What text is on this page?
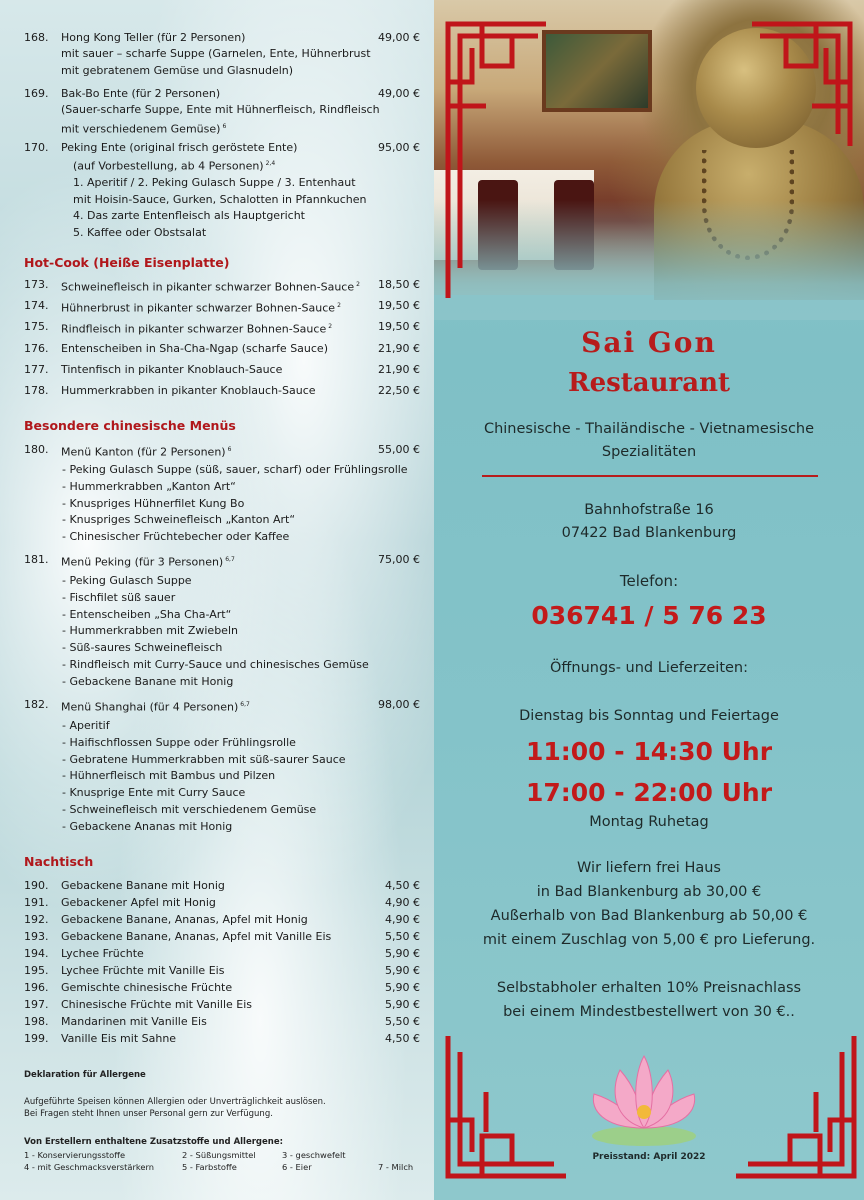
168.	Hong Kong Teller (für 2 Personen)	49,00 €
mit sauer – scharfe Suppe (Garnelen, Ente, Hühnerbrust
mit gebratenem Gemüse und Glasnudeln)
169.	Bak-Bo Ente (für 2 Personen)	49,00 €
(Sauer-scharfe Suppe, Ente mit Hühnerfleisch, Rindfleisch
mit verschiedenem Gemüse) $^6$
170.	Peking Ente (original frisch geröstete Ente)	95,00 €
(auf Vorbestellung, ab 4 Personen) $^{2,4}$
1. Aperitif / 2. Peking Gulasch Suppe / 3. Entenhaut
mit Hoisin-Sauce, Gurken, Schalotten in Pfannkuchen
4. Das zarte Entenfleisch als Hauptgericht
5. Kaffee oder Obstsalat
Hot-Cook (Heiße Eisenplatte)
173.	Schweinefleisch in pikanter schwarzer Bohnen-Sauce $^2$	18,50 €
174.	Hühnerbrust in pikanter schwarzer Bohnen-Sauce $^2$	19,50 €
175.	Rindfleisch in pikanter schwarzer Bohnen-Sauce $^2$	19,50 €
176.	Entenscheiben in Sha-Cha-Ngap (scharfe Sauce)	21,90 €
177.	Tintenfisch in pikanter Knoblauch-Sauce	21,90 €
178.	Hummerkrabben in pikanter Knoblauch-Sauce	22,50 €
Besondere chinesische Menüs
180.	Menü Kanton (für 2 Personen) $^6$	55,00 €
- Peking Gulasch Suppe (süß, sauer, scharf) oder Frühlingsrolle
- Hummerkrabben „Kanton Art“
- Knuspriges Hühnerfilet Kung Bo
- Knuspriges Schweinefleisch „Kanton Art“
- Chinesischer Früchtebecher oder Kaffee
181.	Menü Peking (für 3 Personen) $^{6,7}$	75,00 €
- Peking Gulasch Suppe
- Fischfilet süß sauer
- Entenscheiben „Sha Cha-Art“
- Hummerkrabben mit Zwiebeln
- Süß-saures Schweinefleisch
- Rindfleisch mit Curry-Sauce und chinesisches Gemüse
- Gebackene Banane mit Honig
182.	Menü Shanghai (für 4 Personen) $^{6,7}$	98,00 €
- Aperitif
- Haifischflossen Suppe oder Frühlingsrolle
- Gebratene Hummerkrabben mit süß-saurer Sauce
- Hühnerfleisch mit Bambus und Pilzen
- Knusprige Ente mit Curry Sauce
- Schweinefleisch mit verschiedenem Gemüse
- Gebackene Ananas mit Honig
Nachtisch
190.	Gebackene Banane mit Honig	4,50 €
191.	Gebackener Apfel mit Honig	4,90 €
192.	Gebackene Banane, Ananas, Apfel mit Honig	4,90 €
193.	Gebackene Banane, Ananas, Apfel mit Vanille Eis	5,50 €
194.	Lychee Früchte	5,90 €
195.	Lychee Früchte mit Vanille Eis	5,90 €
196.	Gemischte chinesische Früchte	5,90 €
197.	Chinesische Früchte mit Vanille Eis	5,90 €
198.	Mandarinen mit Vanille Eis	5,50 €
199.	Vanille Eis mit Sahne	4,50 €
Deklaration für Allergene
Aufgeführte Speisen können Allergien oder Unverträglichkeit auslösen.
Bei Fragen steht Ihnen unser Personal gern zur Verfügung.
Von Erstellern enthaltene Zusatzstoffe und Allergene:
1 - Konservierungsstoffe	2 - Süßungsmittel	3 - geschwefelt
4 - mit Geschmacksverstärkern	5 - Farbstoffe	6 - Eier	7 - Milch
Sai Gon
Restaurant
Chinesische - Thailändische - Vietnamesische
Spezialitäten
Bahnhofstraße 16
07422 Bad Blankenburg
Telefon:
036741 / 5 76 23
Öffnungs- und Lieferzeiten:
Dienstag bis Sonntag und Feiertage
11:00 - 14:30 Uhr
17:00 - 22:00 Uhr
Montag Ruhetag
Wir liefern frei Haus
in Bad Blankenburg ab 30,00 €
Außerhalb von Bad Blankenburg ab 50,00 €
mit einem Zuschlag von 5,00 € pro Lieferung.
Selbstabholer erhalten 10% Preisnachlass
bei einem Mindestbestellwert von 30 €..
Preisstand: April 2022
